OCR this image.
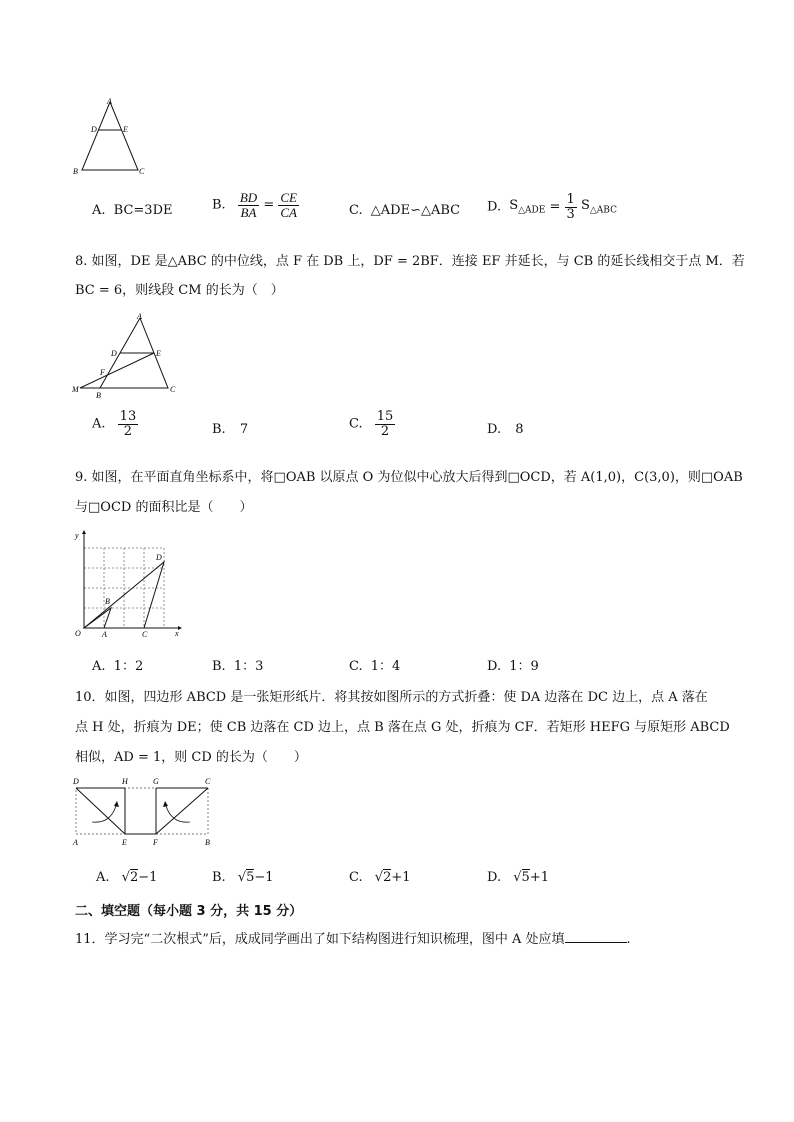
A
D	E
B	C
A. BC=3DE	B. $\frac{BD}{BA} = \frac{CE}{CA}$	C. △ADE∽△ABC D. $S_{\triangle ADE} = \frac{1}{3} S_{\triangle ABC}$
8. 如图，DE 是△ABC 的中位线，点 F 在 DB 上，DF = 2BF．连接 EF 并延长，与 CB 的延长线相交于点 M．若
BC = 6，则线段 CM 的长为（　）
A
D	E
F
M
B
C
A. $\frac{13}{2}$	B. 7	C. $\frac{15}{2}$	D. 8
9. 如图，在平面直角坐标系中，将□OAB 以原点 O 为位似中心放大后得到□OCD，若 A(1,0)，C(3,0)，则□OAB
与□OCD 的面积比是（　　）
y
x
O	A	C
B
D
A. 1：2	B. 1：3	C. 1：4	D. 1：9
10．如图，四边形 ABCD 是一张矩形纸片．将其按如图所示的方式折叠：使 DA 边落在 DC 边上，点 A 落在
点 H 处，折痕为 DE；使 CB 边落在 CD 边上，点 B 落在点 G 处，折痕为 CF．若矩形 HEFG 与原矩形 ABCD
相似，AD = 1，则 CD 的长为（　　）
D	H	G	C
A	E	F	B
A. √2−1	B. √5−1	C. √2+1	D. √5+1
二、填空题（每小题 3 分，共 15 分）
11．学习完“二次根式”后，成成同学画出了如下结构图进行知识梳理，图中 A 处应填	.
